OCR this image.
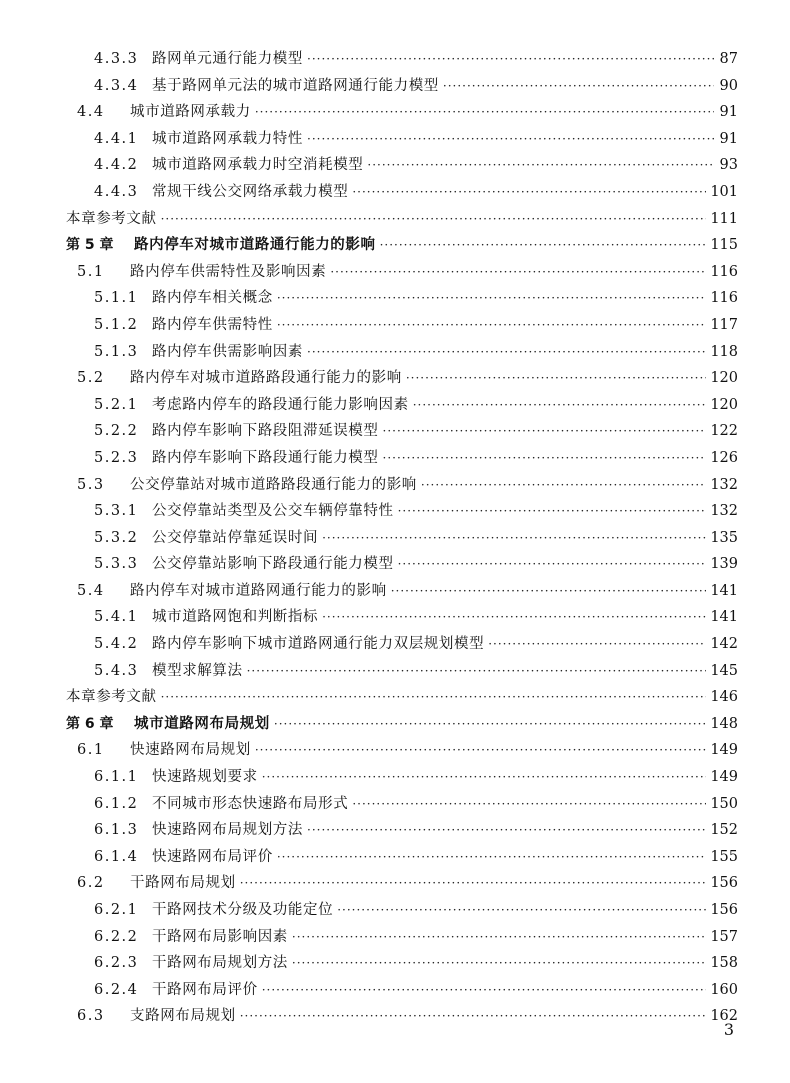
4.3.3 路网单元通行能力模型 ·····	87
4.3.4 基于路网单元法的城市道路网通行能力模型 ·····	90
4.4	城市道路网承载力 ·····	91
4.4.1 城市道路网承载力特性 ·····	91
4.4.2 城市道路网承载力时空消耗模型 ·····	93
4.4.3 常规干线公交网络承载力模型 ·····	101
本章参考文献 ·····	111
第 5 章	路内停车对城市道路通行能力的影响 ·····	115
5.1	路内停车供需特性及影响因素 ·····	116
5.1.1 路内停车相关概念 ·····	116
5.1.2 路内停车供需特性 ·····	117
5.1.3 路内停车供需影响因素 ·····	118
5.2	路内停车对城市道路路段通行能力的影响 ·····	120
5.2.1 考虑路内停车的路段通行能力影响因素 ·····	120
5.2.2 路内停车影响下路段阻滞延误模型 ·····	122
5.2.3 路内停车影响下路段通行能力模型 ·····	126
5.3	公交停靠站对城市道路路段通行能力的影响 ·····	132
5.3.1 公交停靠站类型及公交车辆停靠特性 ·····	132
5.3.2 公交停靠站停靠延误时间 ·····	135
5.3.3 公交停靠站影响下路段通行能力模型 ·····	139
5.4	路内停车对城市道路网通行能力的影响 ·····	141
5.4.1 城市道路网饱和判断指标 ·····	141
5.4.2 路内停车影响下城市道路网通行能力双层规划模型 ·····	142
5.4.3 模型求解算法 ·····	145
本章参考文献 ·····	146
第 6 章	城市道路网布局规划 ·····	148
6.1	快速路网布局规划 ·····	149
6.1.1 快速路规划要求 ·····	149
6.1.2 不同城市形态快速路布局形式 ·····	150
6.1.3 快速路网布局规划方法 ·····	152
6.1.4 快速路网布局评价 ·····	155
6.2	干路网布局规划 ·····	156
6.2.1 干路网技术分级及功能定位 ·····	156
6.2.2 干路网布局影响因素 ·····	157
6.2.3 干路网布局规划方法 ·····	158
6.2.4 干路网布局评价 ·····	160
6.3	支路网布局规划 ·····	162
3
